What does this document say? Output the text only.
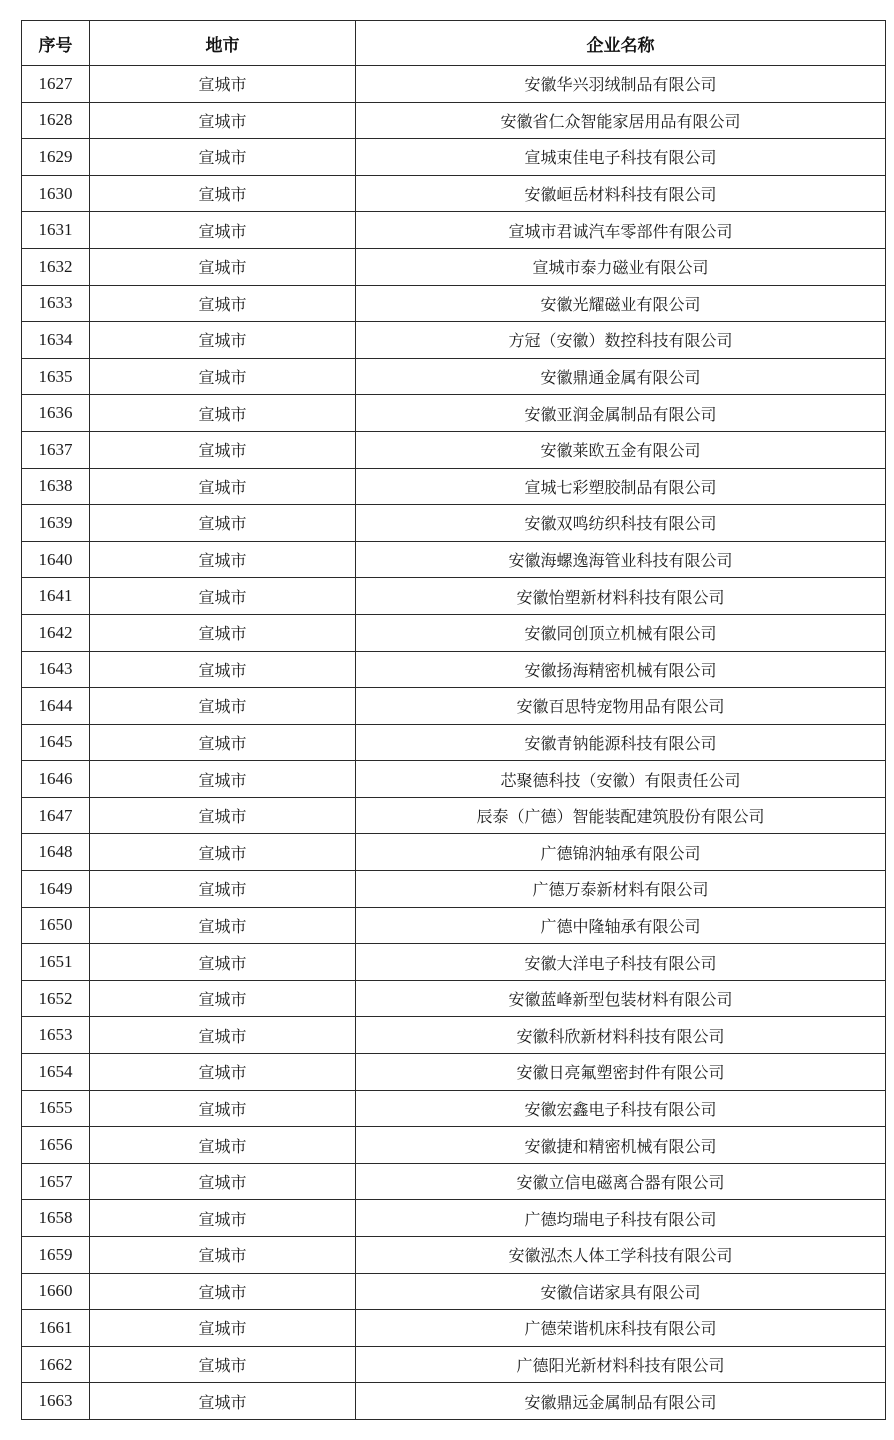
序号	地市	企业名称
1627	宣城市	安徽华兴羽绒制品有限公司
1628	宣城市	安徽省仁众智能家居用品有限公司
1629	宣城市	宣城束佳电子科技有限公司
1630	宣城市	安徽峘岳材料科技有限公司
1631	宣城市	宣城市君诚汽车零部件有限公司
1632	宣城市	宣城市泰力磁业有限公司
1633	宣城市	安徽光耀磁业有限公司
1634	宣城市	方冠（安徽）数控科技有限公司
1635	宣城市	安徽鼎通金属有限公司
1636	宣城市	安徽亚润金属制品有限公司
1637	宣城市	安徽莱欧五金有限公司
1638	宣城市	宣城七彩塑胶制品有限公司
1639	宣城市	安徽双鸣纺织科技有限公司
1640	宣城市	安徽海螺逸海管业科技有限公司
1641	宣城市	安徽怡塑新材料科技有限公司
1642	宣城市	安徽同创顶立机械有限公司
1643	宣城市	安徽扬海精密机械有限公司
1644	宣城市	安徽百思特宠物用品有限公司
1645	宣城市	安徽青钠能源科技有限公司
1646	宣城市	芯聚德科技（安徽）有限责任公司
1647	宣城市	辰泰（广德）智能装配建筑股份有限公司
1648	宣城市	广德锦汭轴承有限公司
1649	宣城市	广德万泰新材料有限公司
1650	宣城市	广德中隆轴承有限公司
1651	宣城市	安徽大洋电子科技有限公司
1652	宣城市	安徽蓝峰新型包装材料有限公司
1653	宣城市	安徽科欣新材料科技有限公司
1654	宣城市	安徽日亮氟塑密封件有限公司
1655	宣城市	安徽宏鑫电子科技有限公司
1656	宣城市	安徽捷和精密机械有限公司
1657	宣城市	安徽立信电磁离合器有限公司
1658	宣城市	广德均瑞电子科技有限公司
1659	宣城市	安徽泓杰人体工学科技有限公司
1660	宣城市	安徽信诺家具有限公司
1661	宣城市	广德荣谐机床科技有限公司
1662	宣城市	广德阳光新材料科技有限公司
1663	宣城市	安徽鼎远金属制品有限公司
